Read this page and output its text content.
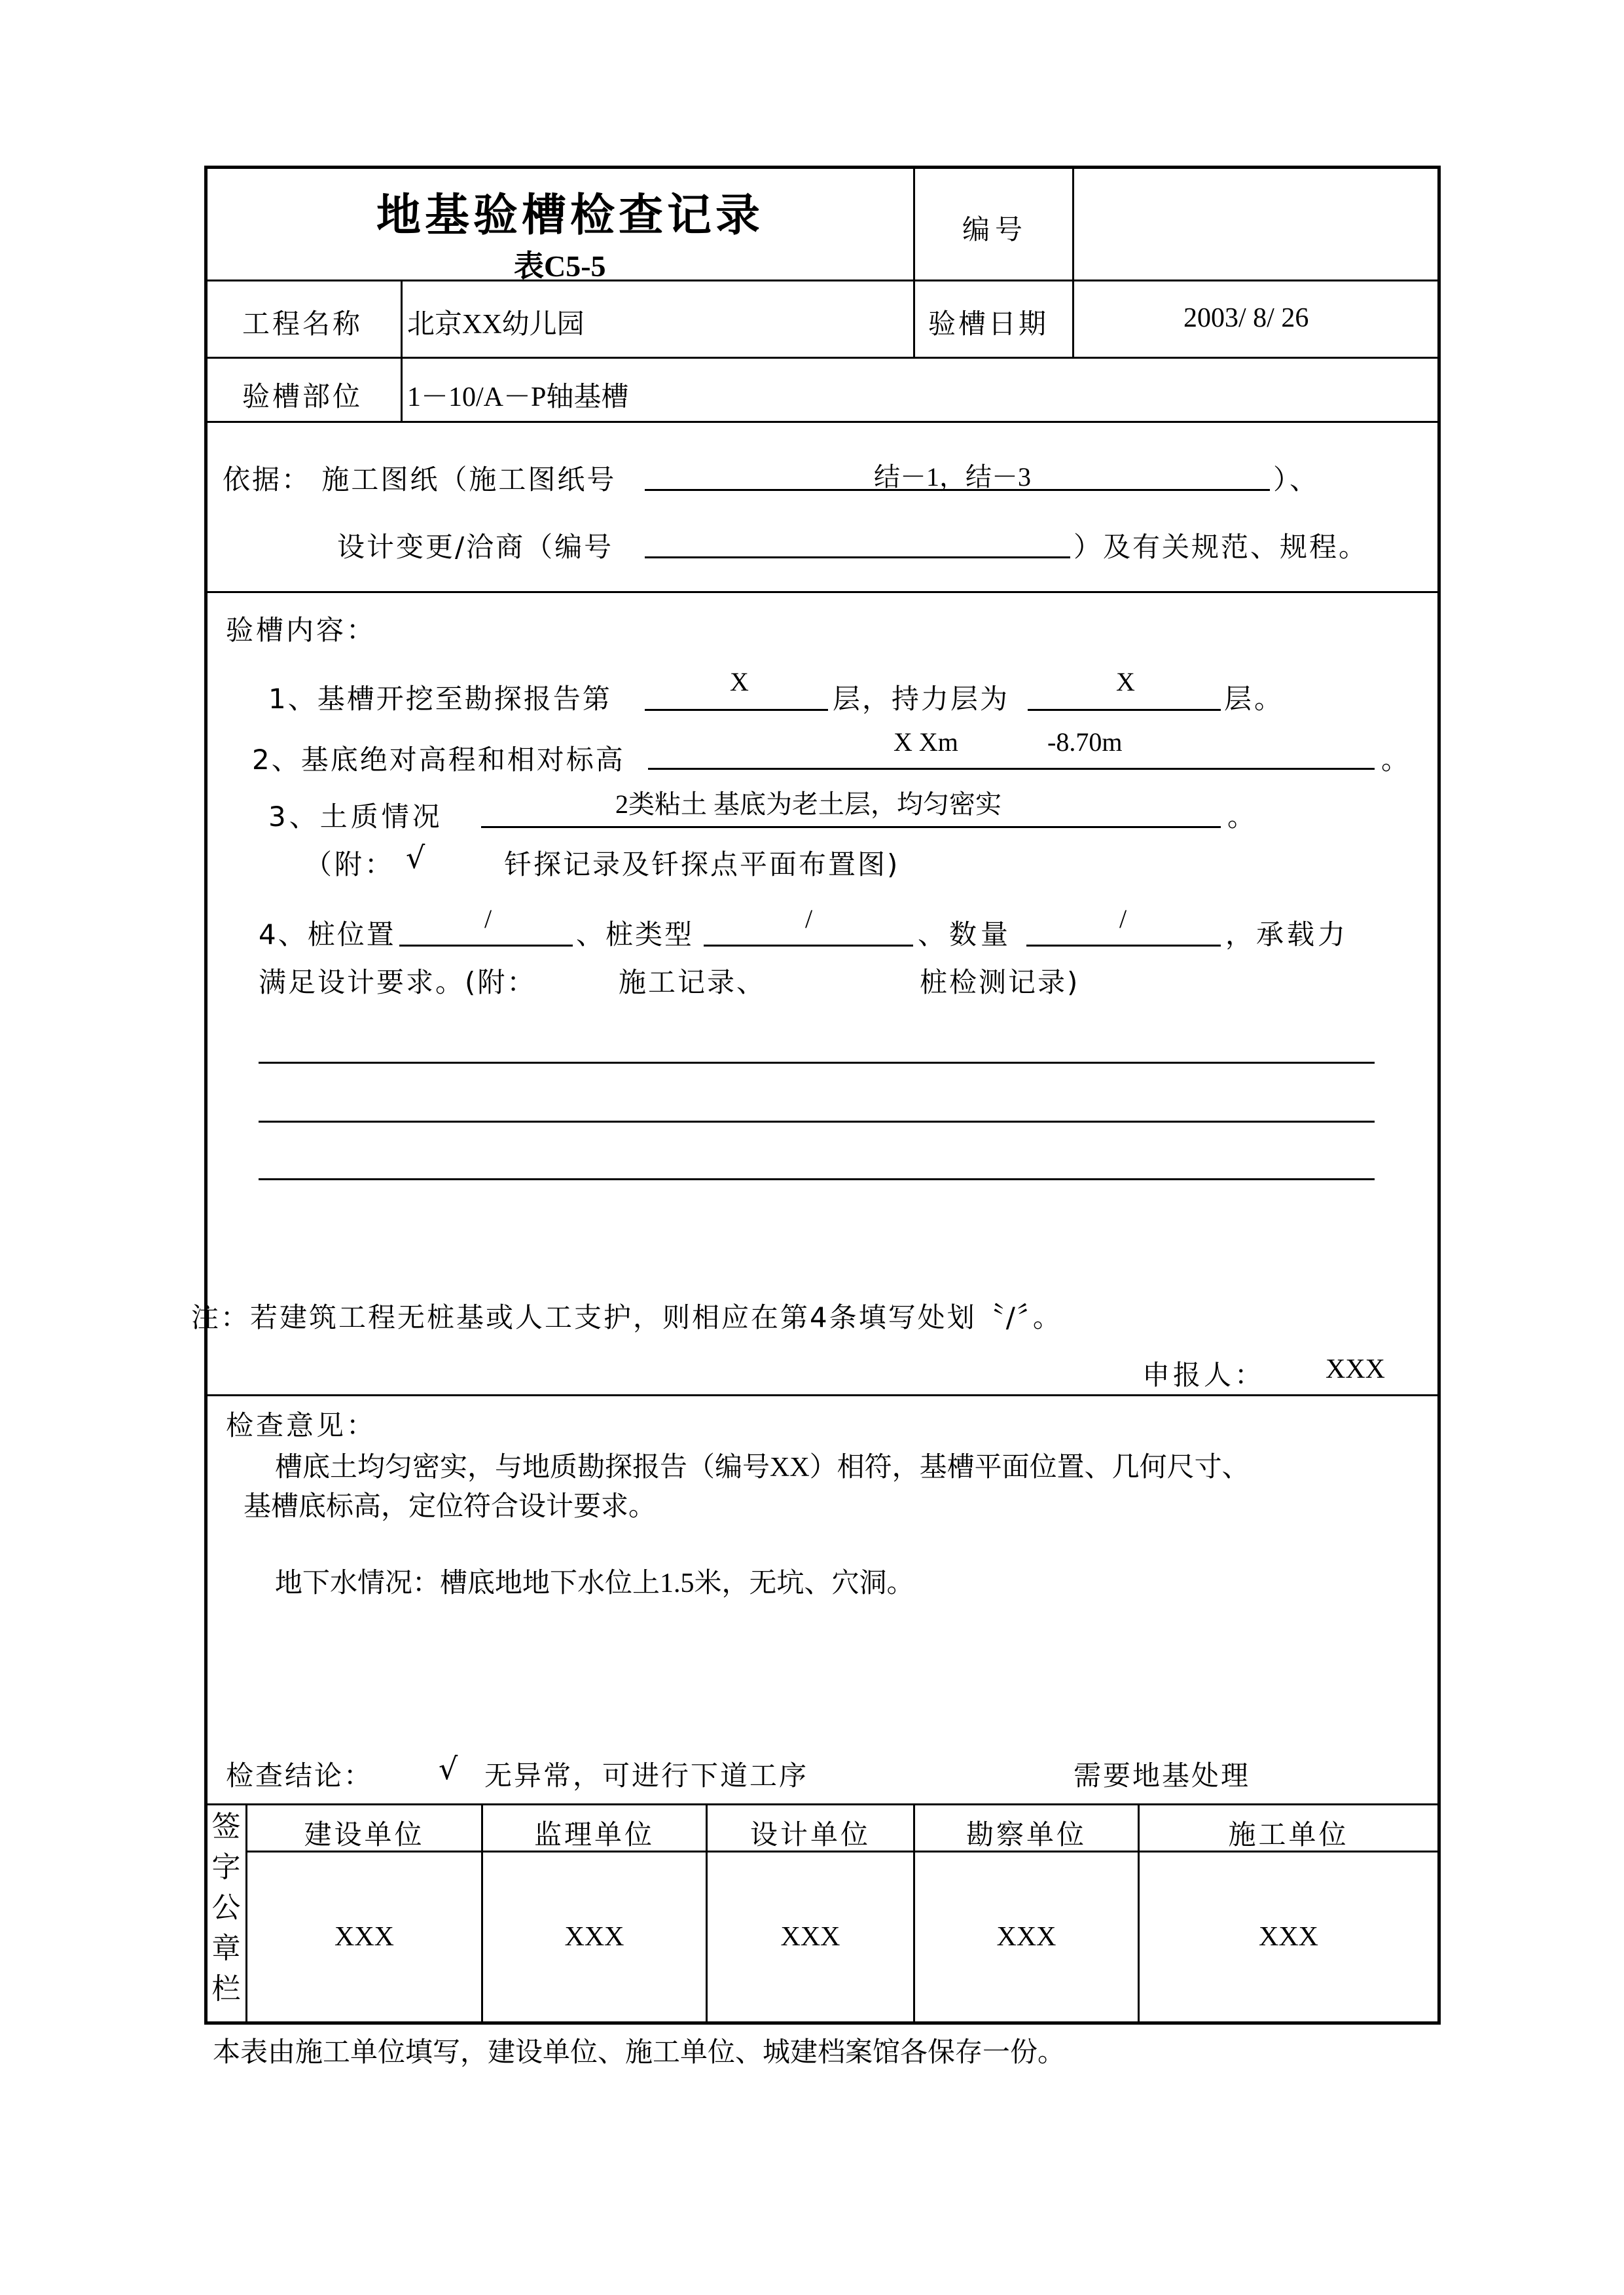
地基验槽检查记录
表C5-5
编号
工程名称 北京XX幼儿园	验槽日期	2003/ 8/ 26
验槽部位 1－10/A－P轴基槽
依据： 施工图纸（施工图纸号	结－1，结－3	）、
设计变更/洽商（编号	）及有关规范、规程。
验槽内容：
1、基槽开挖至勘探报告第
X
层，持力层为
X
层。
2、基底绝对高程和相对标高
X Xm	-8.70m
。
3、土质情况	2类粘土 基底为老土层，均匀密实	。
（附： √	钎探记录及钎探点平面布置图)
4、桩位置	/	、桩类型	/	、数量	/	，承载力
满足设计要求。(附：	施工记录、	桩检测记录)
注：若建筑工程无桩基或人工支护，则相应在第4条填写处划〝/〞。
申报人： XXX
检查意见：
槽底土均匀密实，与地质勘探报告（编号XX）相符，基槽平面位置、几何尺寸、
基槽底标高，定位符合设计要求。
地下水情况：槽底地地下水位上1.5米，无坑、穴洞。
检查结论： √ 无异常，可进行下道工序	需要地基处理
签
字
公
章
栏
建设单位	监理单位	设计单位	勘察单位	施工单位
XXX	XXX	XXX	XXX	XXX
本表由施工单位填写，建设单位、施工单位、城建档案馆各保存一份。
